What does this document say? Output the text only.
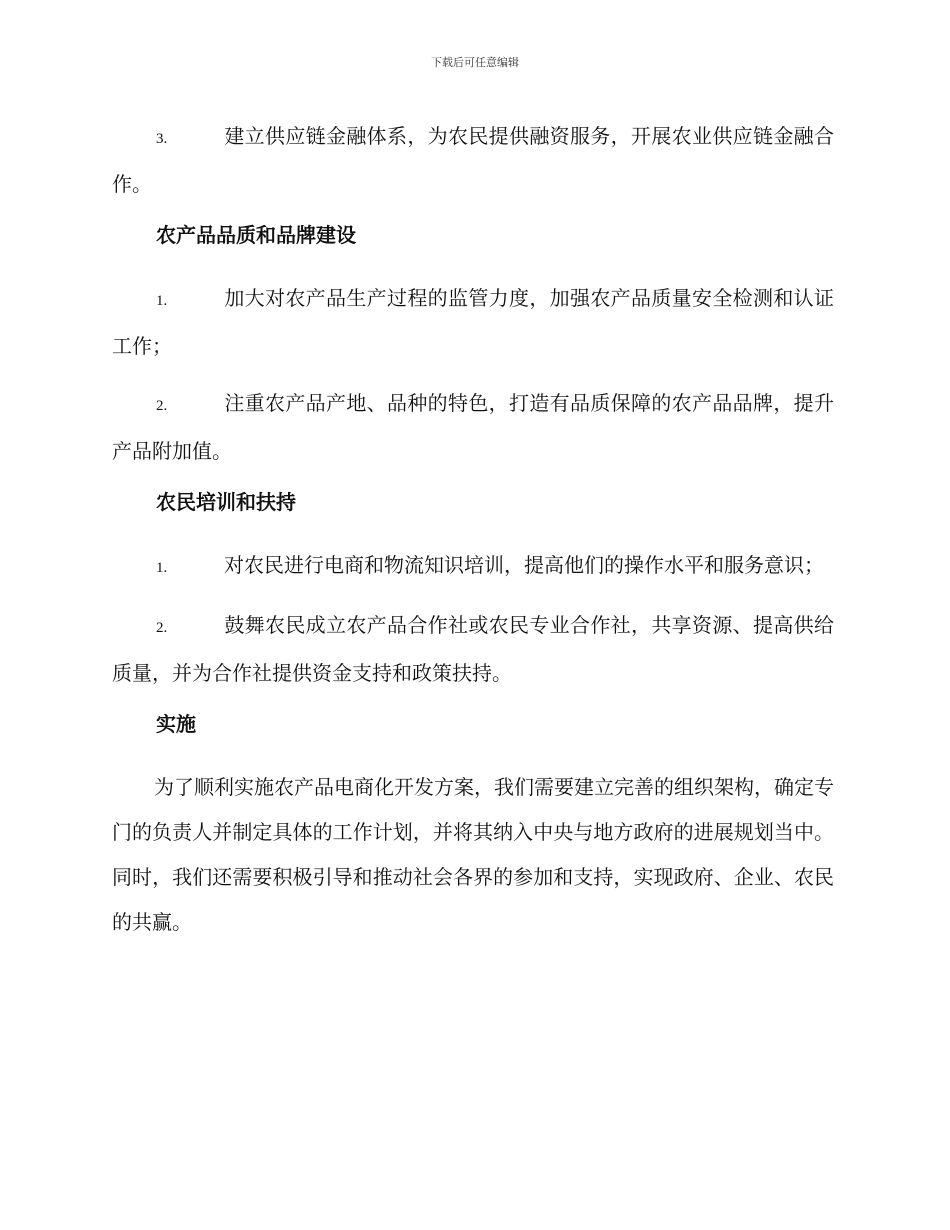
下载后可任意编辑

3.	建立供应链金融体系，为农民提供融资服务，开展农业供应链金融合作。

农产品品质和品牌建设

1.	加大对农产品生产过程的监管力度，加强农产品质量安全检测和认证工作；

2.	注重农产品产地、品种的特色，打造有品质保障的农产品品牌，提升产品附加值。

农民培训和扶持

1.	对农民进行电商和物流知识培训，提高他们的操作水平和服务意识；

2.	鼓舞农民成立农产品合作社或农民专业合作社，共享资源、提高供给质量，并为合作社提供资金支持和政策扶持。

实施

为了顺利实施农产品电商化开发方案，我们需要建立完善的组织架构，确定专门的负责人并制定具体的工作计划，并将其纳入中央与地方政府的进展规划当中。同时，我们还需要积极引导和推动社会各界的参加和支持，实现政府、企业、农民的共赢。
